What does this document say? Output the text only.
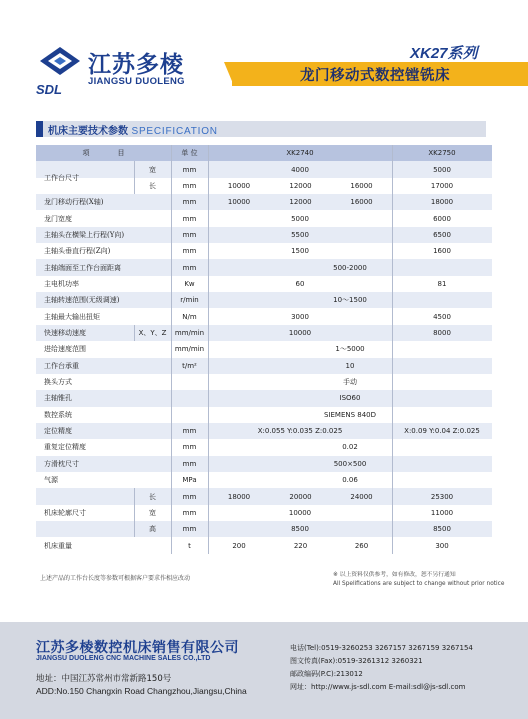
SDL
江苏多棱
JIANGSU DUOLENG
XK27系列
龙门移动式数控镗铣床
机床主要技术参数 SPECIFICATION
项　　　　目	单 位	XK2740	XK2750
工作台尺寸
宽	mm	4000	5000
长	mm	10000	12000	16000	17000
龙门移动行程(X轴)	mm	10000	12000	16000	18000
龙门宽度	mm	5000	6000
主轴头在横梁上行程(Y向)	mm	5500	6500
主轴头垂直行程(Z向)	mm	1500	1600
主轴端面至工作台面距离	mm	500-2000
主电机功率	Kw	60	81
主轴转速范围(无级调速)	r/min	10～1500
主轴最大输出扭矩	N/m	3000	4500
快速移动速度	X、Y、Z	mm/min	10000	8000
进给速度范围	mm/min	1～5000
工作台承重	t/m²	10
换头方式	手动
主轴锥孔	ISO60
数控系统	SIEMENS 840D
定位精度	mm	X:0.055 Y:0.035 Z:0.025	X:0.09 Y:0.04 Z:0.025
重复定位精度	mm	0.02
方滑枕尺寸	mm	500×500
气源	MPa	0.06
机床轮廓尺寸
长	mm	18000	20000	24000	25300
宽	mm	10000	11000
高	mm	8500	8500
机床重量	t	200	220	260	300
上述产品的工作台长度等参数可根据客户要求作相应改动	※ 以上资料仅供参考，如有修改，恕不另行通知
All Spelifications are subject to change without prior notice
江苏多棱数控机床销售有限公司
JIANGSU DUOLENG CNC MACHINE SALES CO.,LTD
地址：中国江苏常州市常新路150号
ADD:No.150 Changxin Road Changzhou,Jiangsu,China
电话(Tel):0519-3260253 3267157 3267159 3267154
图文传真(Fax):0519-3261312 3260321
邮政编码(P.C):213012
网址：http://www.js-sdl.com E-mail:sdl@js-sdl.com
